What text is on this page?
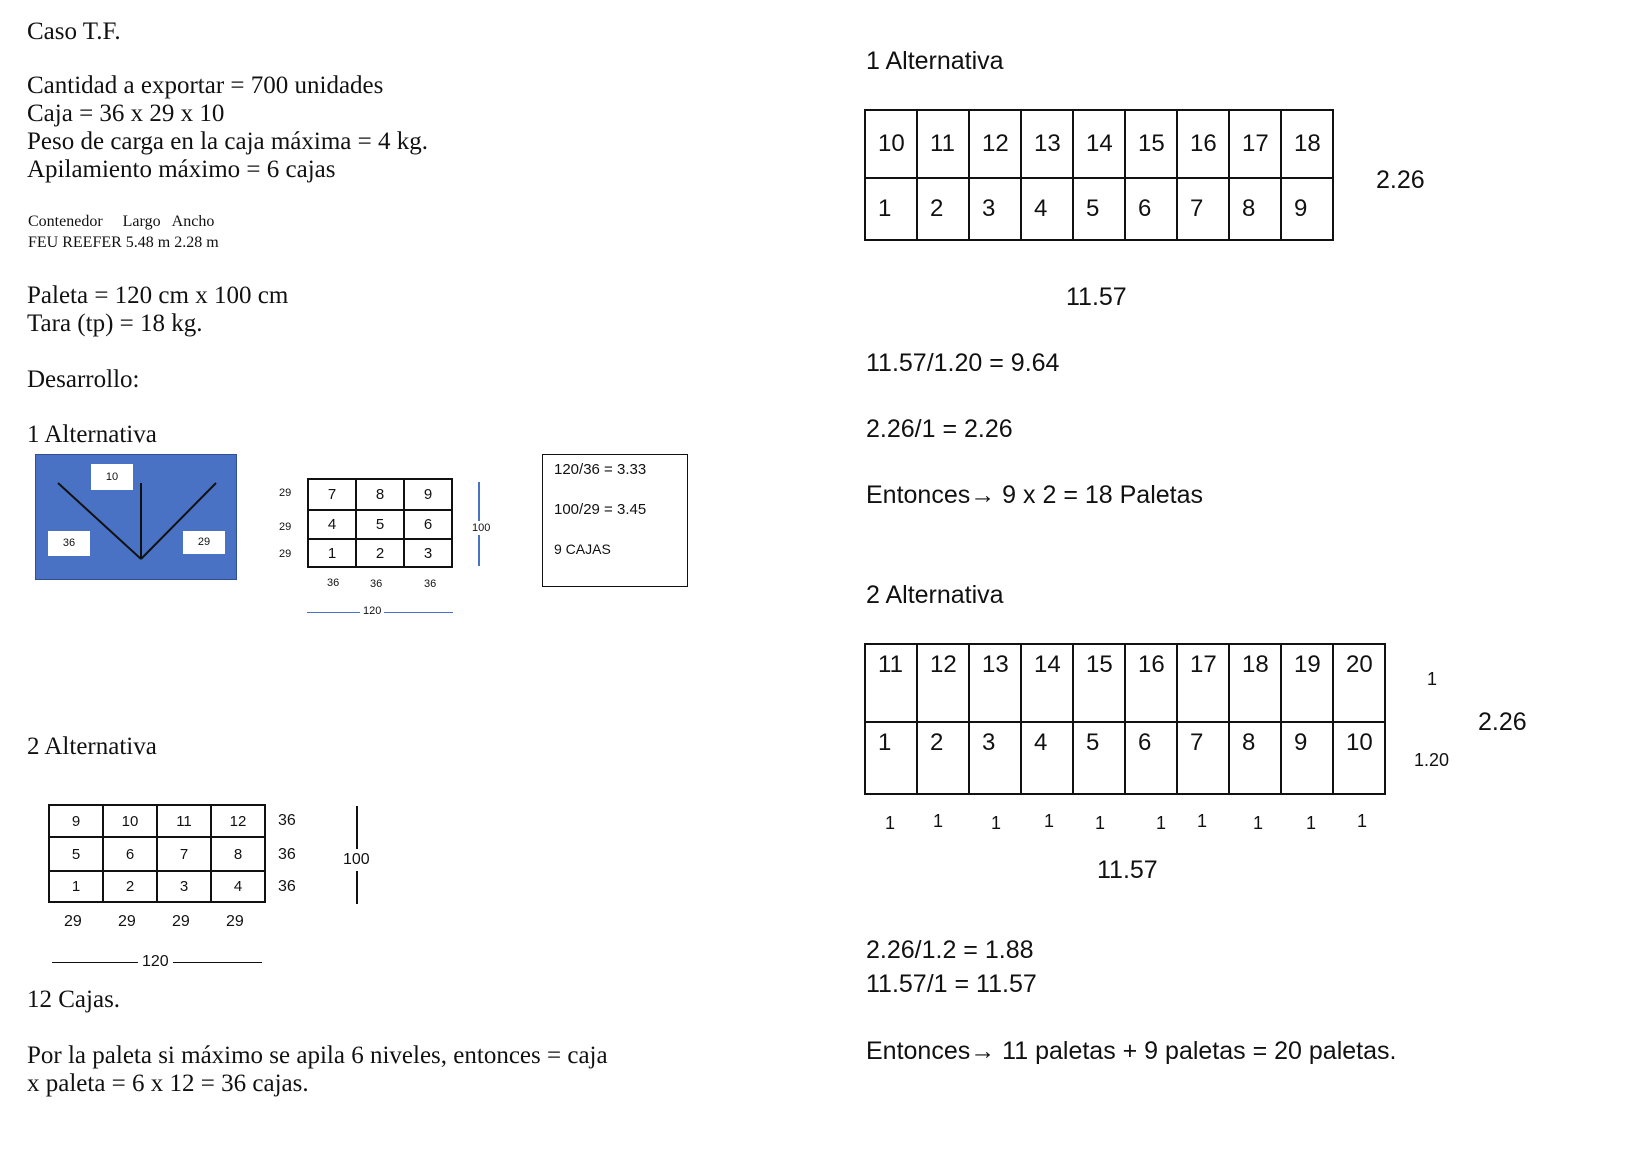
Caso T.F.
Cantidad a exportar = 700 unidades
Caja = 36 x 29 x 10
Peso de carga en la caja máxima = 4 kg.
Apilamiento máximo = 6 cajas
Contenedor     Largo   Ancho
FEU REEFER 5.48 m 2.28 m
Paleta = 120 cm x 100 cm
Tara (tp) = 18 kg.
Desarrollo:
1 Alternativa
10
36	29
7	8	9
4	5	6
1	2	3
29
29
29
36	36	36
100
120
120/36 = 3.33
100/29 = 3.45
9 CAJAS
2 Alternativa
9	10	11	12
5	6	7	8
1	2	3	4
36
36
36
100
29 29 29 29
120
12 Cajas.
Por la paleta si máximo se apila 6 niveles, entonces = caja
x paleta = 6 x 12 = 36 cajas.
1 Alternativa
10	11	12	13	14	15	16	17	18
1	2	3	4	5	6	7	8	9
2.26
11.57
11.57/1.20 = 9.64
2.26/1 = 2.26
Entonces→ 9 x 2 = 18 Paletas
2 Alternativa
11	12	13	14	15	16	17	18	19	20
1	2	3	4	5	6	7	8	9	10
1
1.20
2.26
1 1	1 1 1	1 1	1 1 1
11.57
2.26/1.2 = 1.88
11.57/1 = 11.57
Entonces→ 11 paletas + 9 paletas = 20 paletas.
